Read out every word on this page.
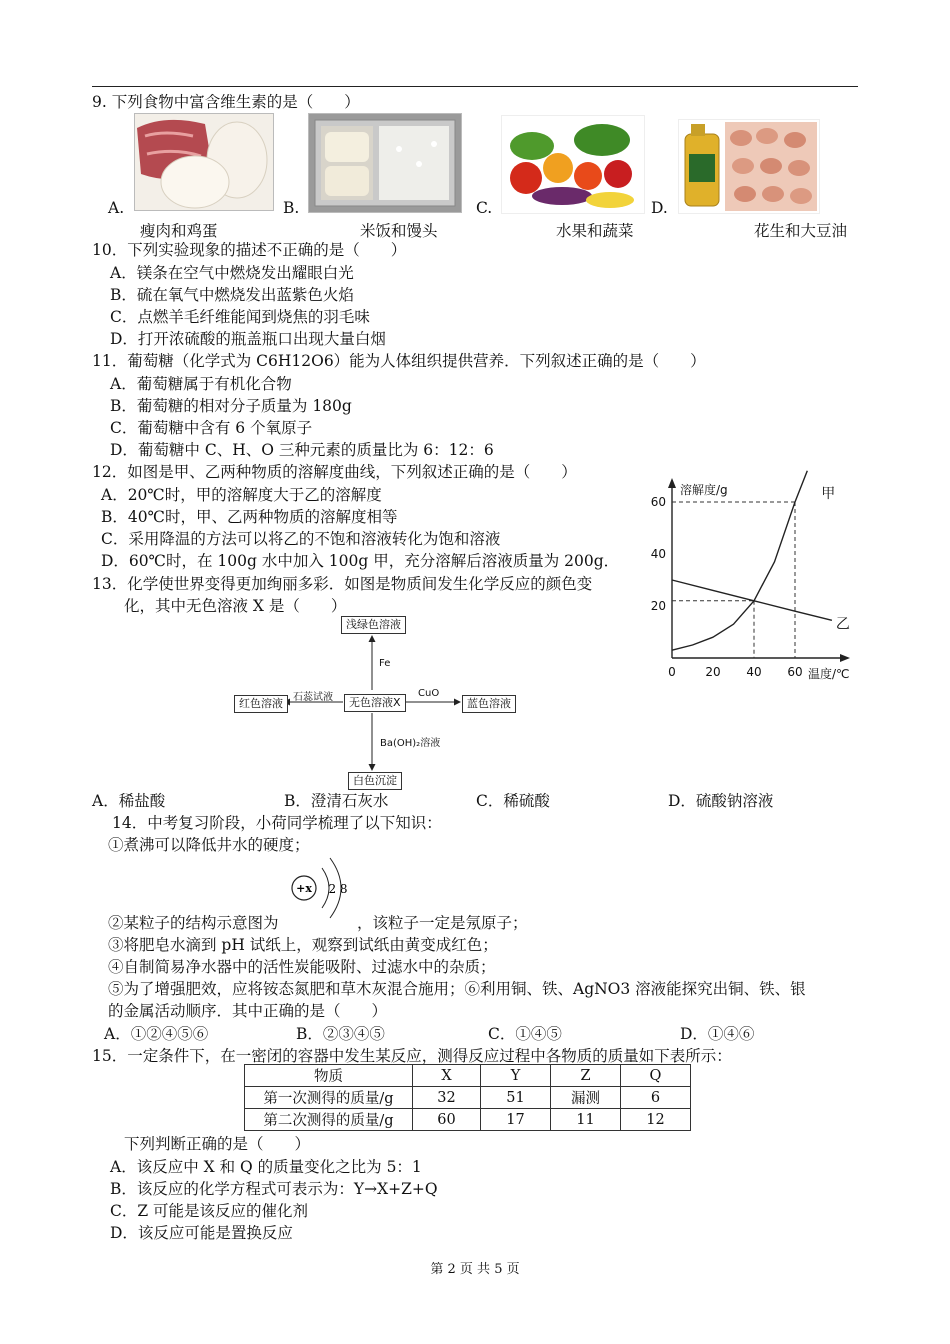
9. 下列食物中富含维生素的是（　　）
A.
瘦肉和鸡蛋
B.
米饭和馒头
C.
水果和蔬菜
D.
花生和大豆油
10．下列实验现象的描述不正确的是（　　）
A．镁条在空气中燃烧发出耀眼白光
B．硫在氧气中燃烧发出蓝紫色火焰
C．点燃羊毛纤维能闻到烧焦的羽毛味
D．打开浓硫酸的瓶盖瓶口出现大量白烟
11．葡萄糖（化学式为 C6H12O6）能为人体组织提供营养．下列叙述正确的是（　　）
A．葡萄糖属于有机化合物
B．葡萄糖的相对分子质量为 180g
C．葡萄糖中含有 6 个氧原子
D．葡萄糖中 C、H、O 三种元素的质量比为 6：12：6
12．如图是甲、乙两种物质的溶解度曲线，下列叙述正确的是（　　）
A．20℃时，甲的溶解度大于乙的溶解度
B．40℃时，甲、乙两种物质的溶解度相等
C．采用降温的方法可以将乙的不饱和溶液转化为饱和溶液
D．60℃时，在 100g 水中加入 100g 甲，充分溶解后溶液质量为 200g．
溶解度/g
温度/℃
0 20 40 60
20
40
60	甲
乙
13．化学使世界变得更加绚丽多彩．如图是物质间发生化学反应的颜色变
化，其中无色溶液 X 是（　　）
浅绿色溶液
Fe
无色溶液X
红色溶液	石蕊试液	蓝色溶液
CuO
Ba(OH)₂溶液
白色沉淀
A．稀盐酸	B．澄清石灰水	C．稀硫酸	D．硫酸钠溶液
14．中考复习阶段，小荷同学梳理了以下知识：
①煮沸可以降低井水的硬度；
+x 2 8
②某粒子的结构示意图为	，该粒子一定是氖原子；
③将肥皂水滴到 pH 试纸上，观察到试纸由黄变成红色；
④自制简易净水器中的活性炭能吸附、过滤水中的杂质；
⑤为了增强肥效，应将铵态氮肥和草木灰混合施用；⑥利用铜、铁、AgNO3 溶液能探究出铜、铁、银
的金属活动顺序．其中正确的是（　　）
A．①②④⑤⑥	B．②③④⑤	C．①④⑤	D．①④⑥
15．一定条件下，在一密闭的容器中发生某反应，测得反应过程中各物质的质量如下表所示：
物质	X	Y	Z	Q
第一次测得的质量/g	32	51	漏测	6
第二次测得的质量/g	60	17	11	12
下列判断正确的是（　　）
A．该反应中 X 和 Q 的质量变化之比为 5：1
B．该反应的化学方程式可表示为：Y→X+Z+Q
C．Z 可能是该反应的催化剂
D．该反应可能是置换反应
第 2 页 共 5 页
